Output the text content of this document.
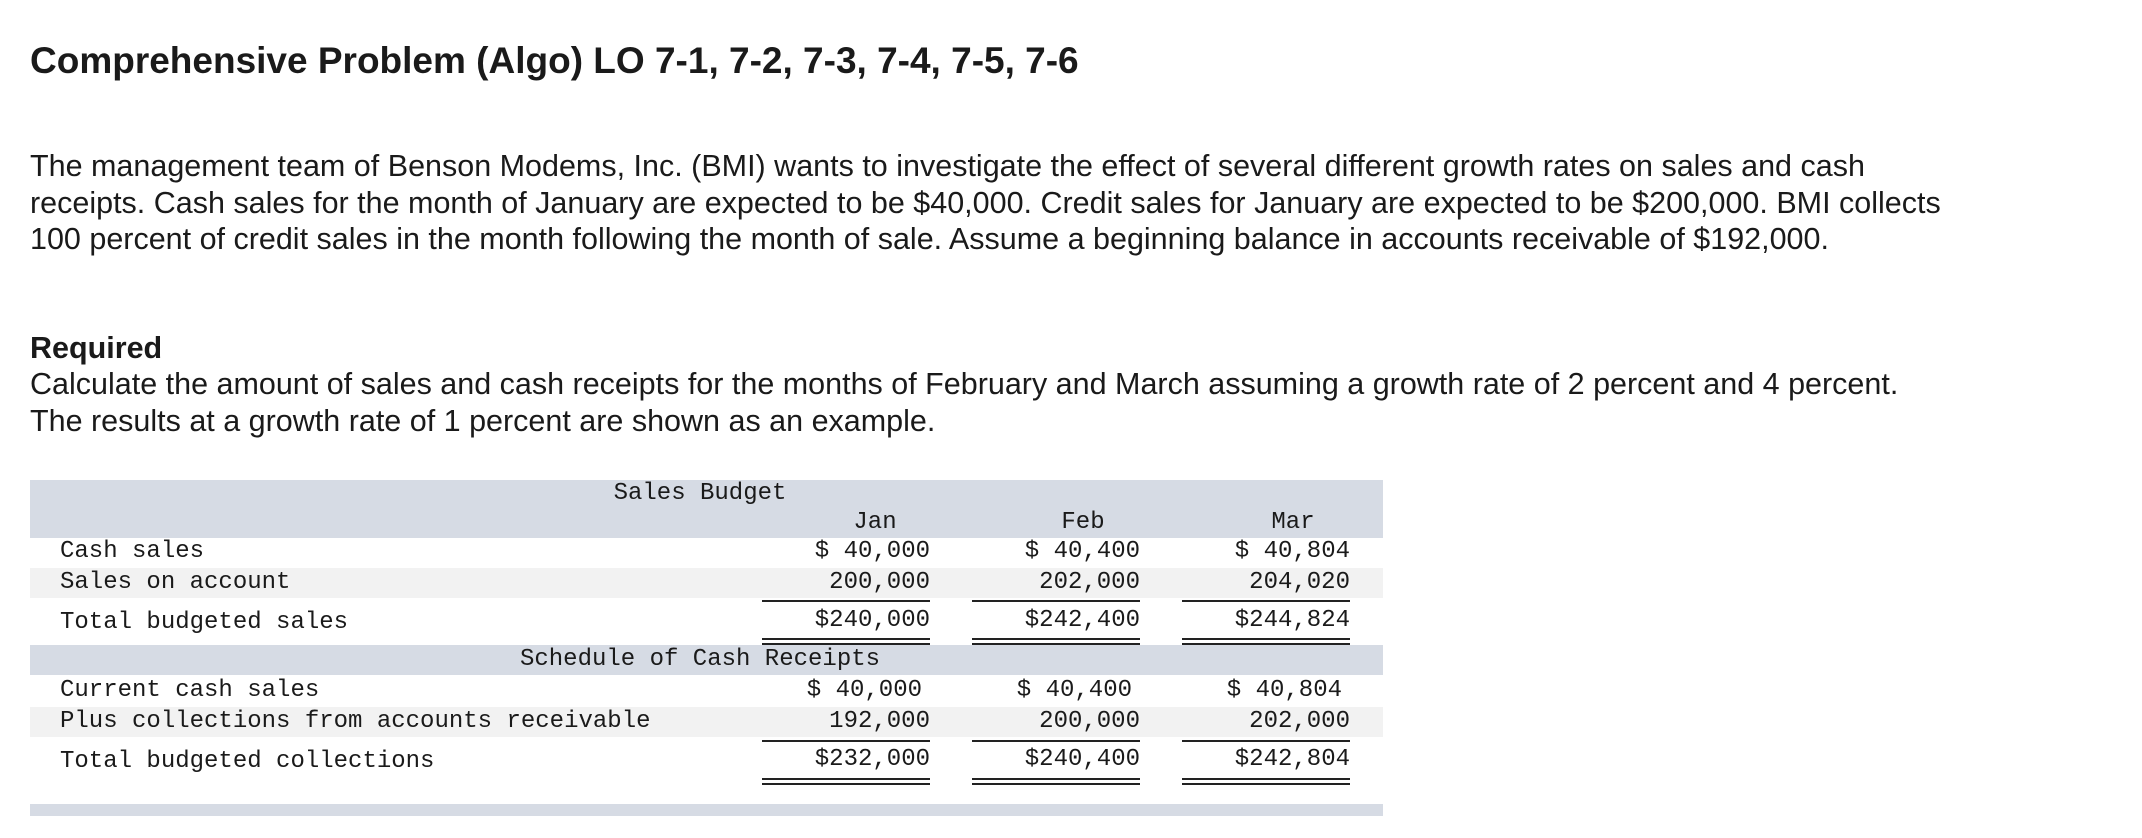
Comprehensive Problem (Algo) LO 7-1, 7-2, 7-3, 7-4, 7-5, 7-6

The management team of Benson Modems, Inc. (BMI) wants to investigate the effect of several different growth rates on sales and cash receipts. Cash sales for the month of January are expected to be $40,000. Credit sales for January are expected to be $200,000. BMI collects 100 percent of credit sales in the month following the month of sale. Assume a beginning balance in accounts receivable of $192,000.

Required

Calculate the amount of sales and cash receipts for the months of February and March assuming a growth rate of 2 percent and 4 percent. The results at a growth rate of 1 percent are shown as an example.

Sales Budget
Jan	Feb	Mar
Cash sales	$ 40,000	$ 40,400	$ 40,804
Sales on account	200,000	202,000	204,020
Total budgeted sales	$240,000	$242,400	$244,824
Schedule of Cash Receipts
Current cash sales	$ 40,000	$ 40,400	$ 40,804
Plus collections from accounts receivable	192,000	200,000	202,000
Total budgeted collections	$232,000	$240,400	$242,804
